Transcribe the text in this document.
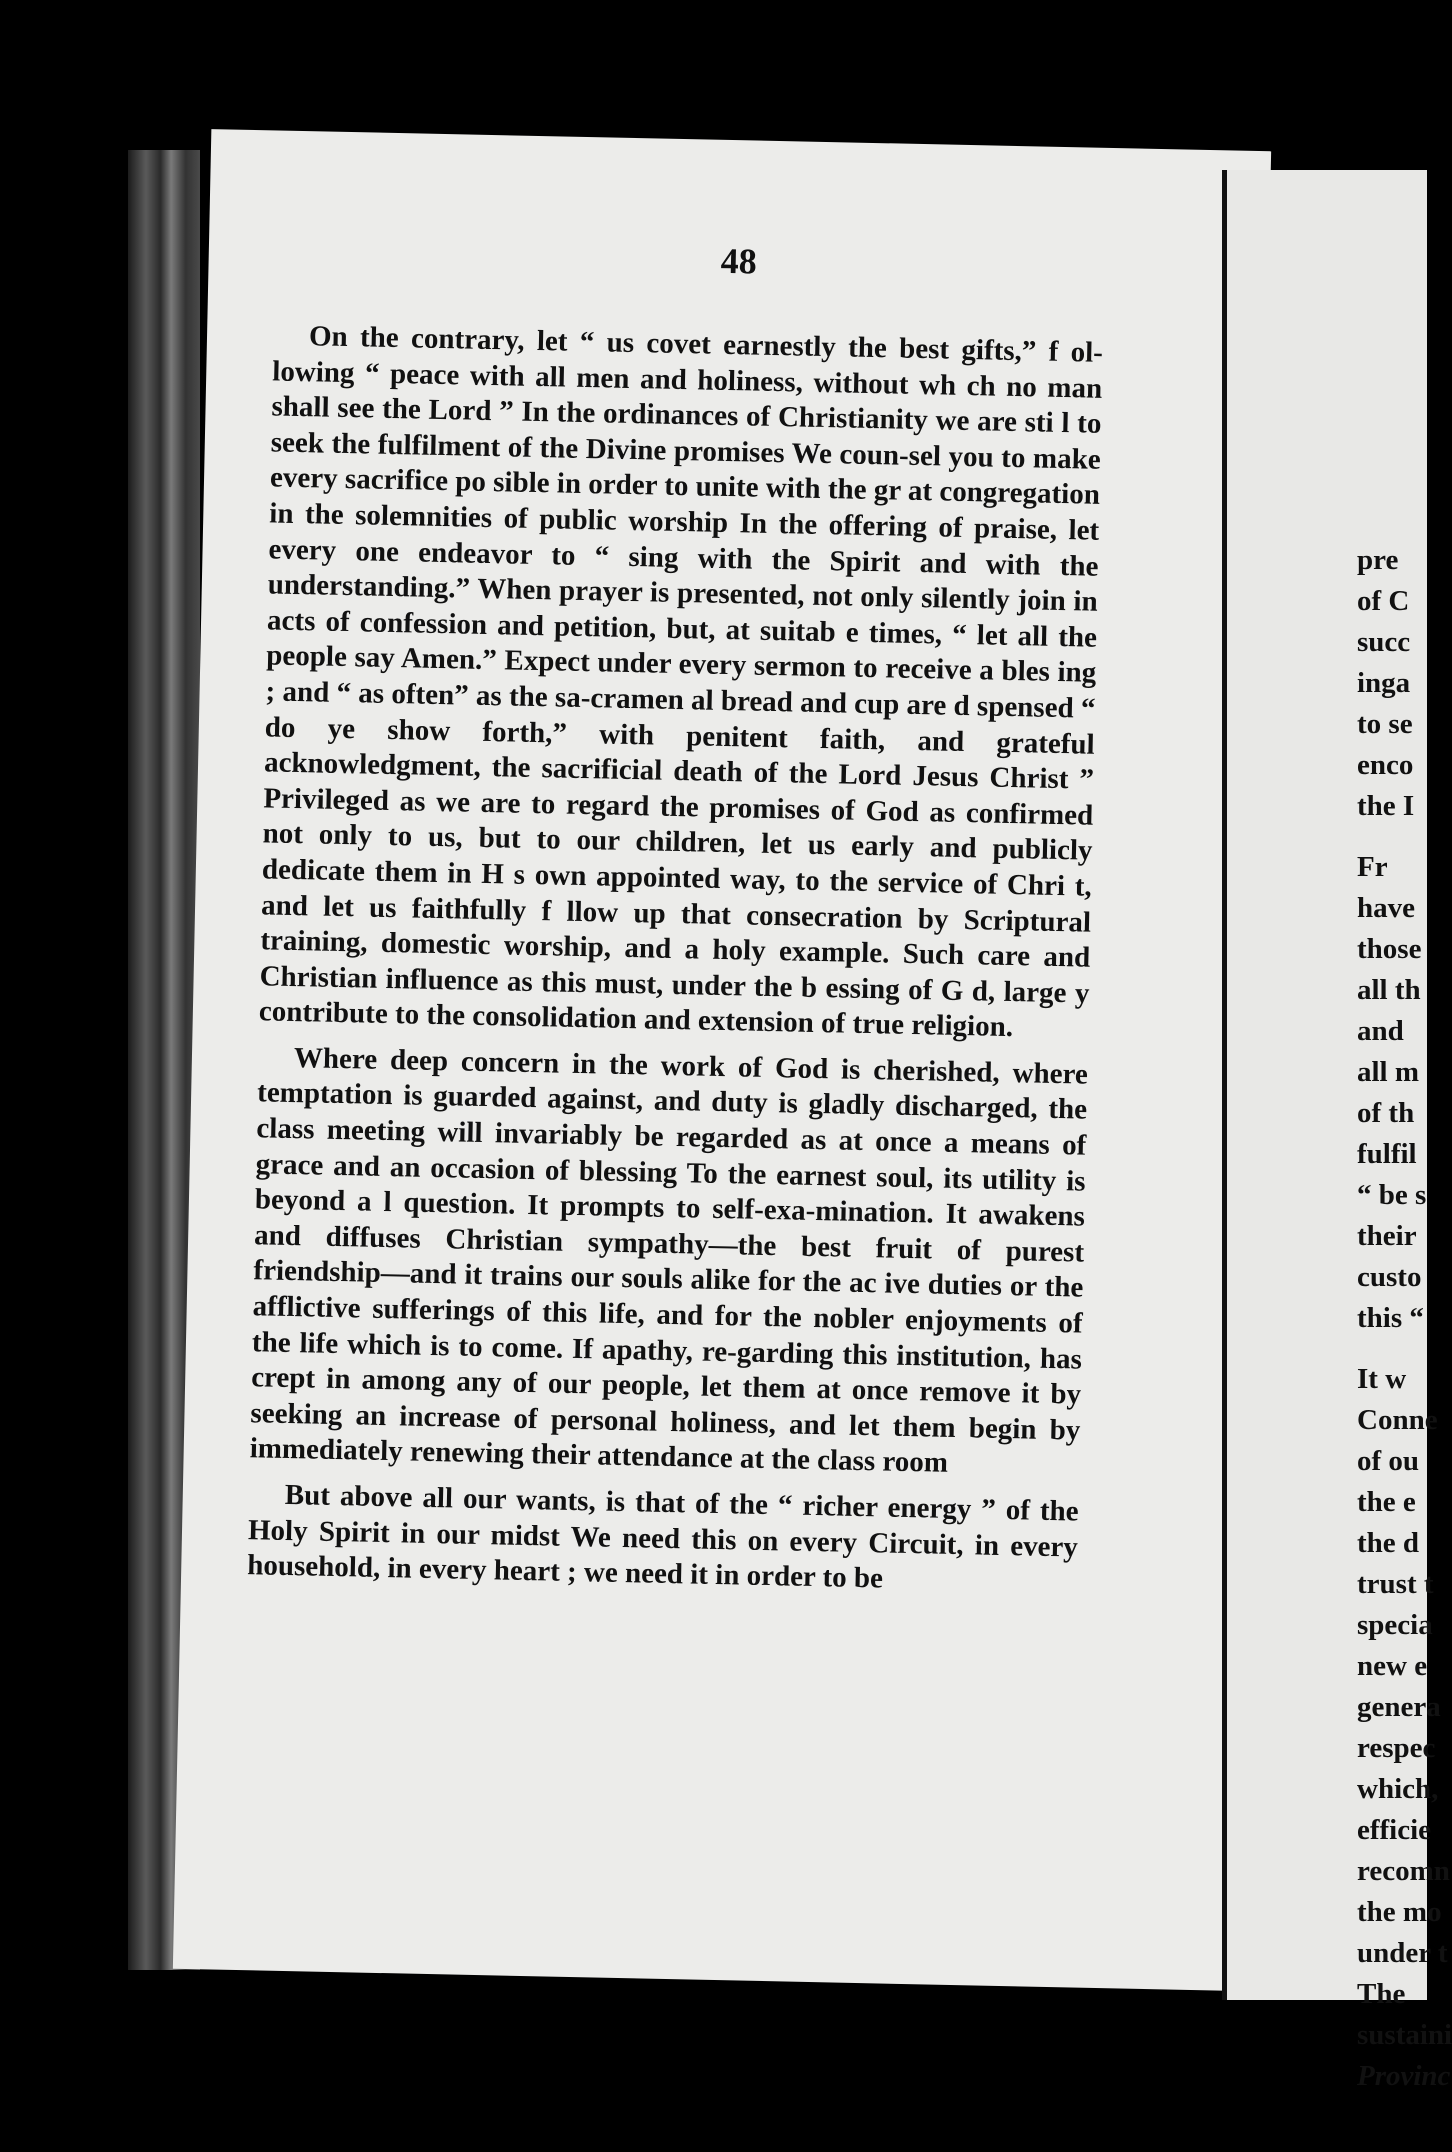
48

On the contrary, let “ us covet earnestly the best gifts,” f ol-lowing “ peace with all men and holiness, without wh ch no man shall see the Lord ” In the ordinances of Christianity we are sti l to seek the fulfilment of the Divine promises We coun-sel you to make every sacrifice po sible in order to unite with the gr at congregation in the solemnities of public worship In the offering of praise, let every one endeavor to “ sing with the Spirit and with the understanding.” When prayer is presented, not only silently join in acts of confession and petition, but, at suitab e times, “ let all the people say Amen.” Expect under every sermon to receive a bles ing ; and “ as often” as the sa-cramen al bread and cup are d spensed “ do ye show forth,” with penitent faith, and grateful acknowledgment, the sacrificial death of the Lord Jesus Christ ” Privileged as we are to regard the promises of God as confirmed not only to us, but to our children, let us early and publicly dedicate them in H s own appointed way, to the service of Chri t, and let us faithfully f llow up that consecration by Scriptural training, domestic worship, and a holy example. Such care and Christian influence as this must, under the b essing of G d, large y contribute to the consolidation and extension of true religion.

Where deep concern in the work of God is cherished, where temptation is guarded against, and duty is gladly discharged, the class meeting will invariably be regarded as at once a means of grace and an occasion of blessing To the earnest soul, its utility is beyond a l question. It prompts to self-exa-mination. It awakens and diffuses Christian sympathy—the best fruit of purest friendship—and it trains our souls alike for the ac ive duties or the afflictive sufferings of this life, and for the nobler enjoyments of the life which is to come. If apathy, re-garding this institution, has crept in among any of our people, let them at once remove it by seeking an increase of personal holiness, and let them begin by immediately renewing their attendance at the class room

But above all our wants, is that of the “ richer energy ” of the Holy Spirit in our midst We need this on every Circuit, in every household, in every heart ; we need it in order to be

pre
of C
succ
inga
to se
enco
the I
Fr
have
those
all th
and
all m
of th
fulfil
“ be s
their
custo
this “
It w
Conne
of ou
the e
the d
trust t
specia
new e
genera
respec
which,
efficie
recomn
the mo
under t
The
sustaini
Provinc
